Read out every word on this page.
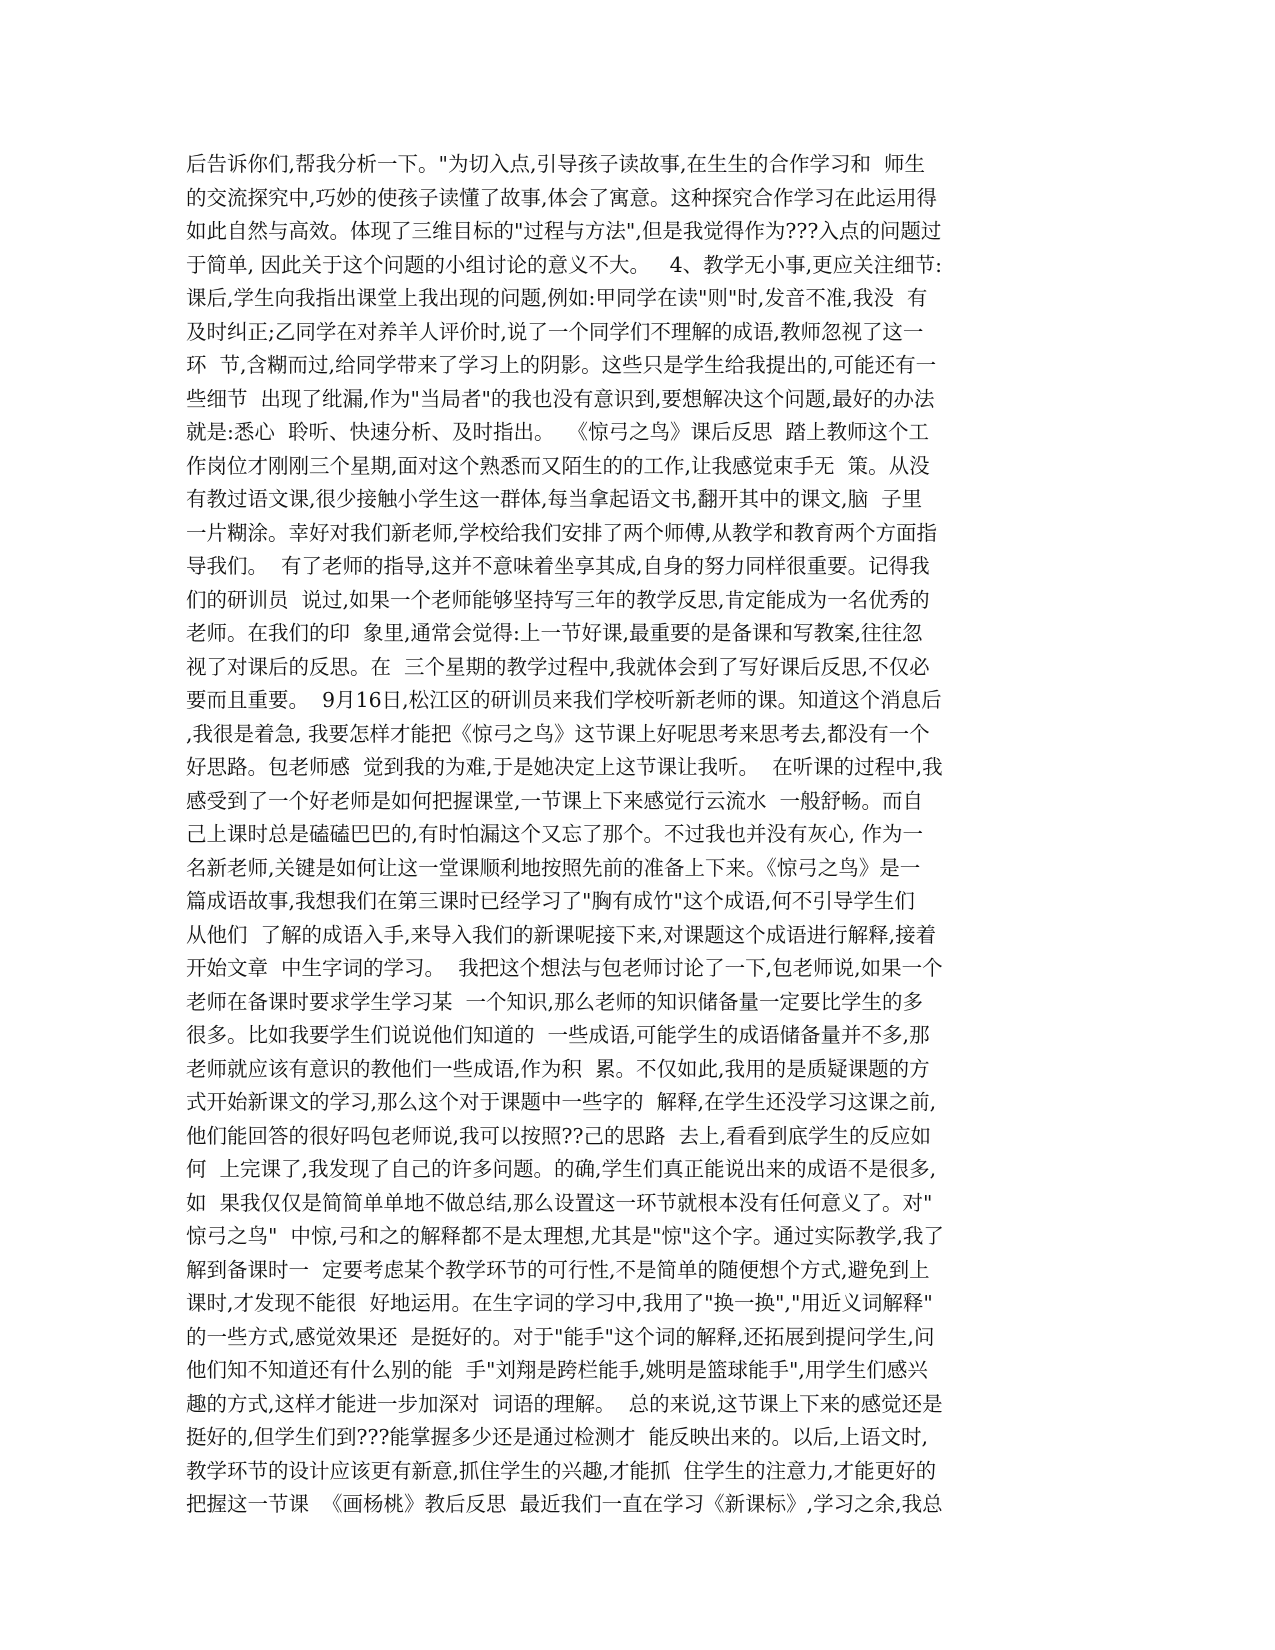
后告诉你们,帮我分析一下。"为切入点,引导孩子读故事,在生生的合作学习和  师生
的交流探究中,巧妙的使孩子读懂了故事,体会了寓意。这种探究合作学习在此运用得
如此自然与高效。体现了三维目标的"过程与方法",但是我觉得作为???入点的问题过
于简单, 因此关于这个问题的小组讨论的意义不大。   4、教学无小事,更应关注细节:
课后,学生向我指出课堂上我出现的问题,例如:甲同学在读"则"时,发音不准,我没  有
及时纠正;乙同学在对养羊人评价时,说了一个同学们不理解的成语,教师忽视了这一
环  节,含糊而过,给同学带来了学习上的阴影。这些只是学生给我提出的,可能还有一
些细节  出现了纰漏,作为"当局者"的我也没有意识到,要想解决这个问题,最好的办法
就是:悉心  聆听、快速分析、及时指出。  《惊弓之鸟》课后反思  踏上教师这个工
作岗位才刚刚三个星期,面对这个熟悉而又陌生的的工作,让我感觉束手无  策。从没
有教过语文课,很少接触小学生这一群体,每当拿起语文书,翻开其中的课文,脑  子里
一片糊涂。幸好对我们新老师,学校给我们安排了两个师傅,从教学和教育两个方面指
导我们。  有了老师的指导,这并不意味着坐享其成,自身的努力同样很重要。记得我
们的研训员  说过,如果一个老师能够坚持写三年的教学反思,肯定能成为一名优秀的
老师。在我们的印  象里,通常会觉得:上一节好课,最重要的是备课和写教案,往往忽
视了对课后的反思。在  三个星期的教学过程中,我就体会到了写好课后反思,不仅必
要而且重要。  9月16日,松江区的研训员来我们学校听新老师的课。知道这个消息后
,我很是着急, 我要怎样才能把《惊弓之鸟》这节课上好呢思考来思考去,都没有一个
好思路。包老师感  觉到我的为难,于是她决定上这节课让我听。  在听课的过程中,我
感受到了一个好老师是如何把握课堂,一节课上下来感觉行云流水  一般舒畅。而自
己上课时总是磕磕巴巴的,有时怕漏这个又忘了那个。不过我也并没有灰心, 作为一
名新老师,关键是如何让这一堂课顺利地按照先前的准备上下来。《惊弓之鸟》是一
篇成语故事,我想我们在第三课时已经学习了"胸有成竹"这个成语,何不引导学生们
从他们  了解的成语入手,来导入我们的新课呢接下来,对课题这个成语进行解释,接着
开始文章  中生字词的学习。  我把这个想法与包老师讨论了一下,包老师说,如果一个
老师在备课时要求学生学习某  一个知识,那么老师的知识储备量一定要比学生的多
很多。比如我要学生们说说他们知道的  一些成语,可能学生的成语储备量并不多,那
老师就应该有意识的教他们一些成语,作为积  累。不仅如此,我用的是质疑课题的方
式开始新课文的学习,那么这个对于课题中一些字的  解释,在学生还没学习这课之前,
他们能回答的很好吗包老师说,我可以按照??己的思路  去上,看看到底学生的反应如
何  上完课了,我发现了自己的许多问题。的确,学生们真正能说出来的成语不是很多,
如  果我仅仅是简简单单地不做总结,那么设置这一环节就根本没有任何意义了。对"
惊弓之鸟"  中惊,弓和之的解释都不是太理想,尤其是"惊"这个字。通过实际教学,我了
解到备课时一  定要考虑某个教学环节的可行性,不是简单的随便想个方式,避免到上
课时,才发现不能很  好地运用。在生字词的学习中,我用了"换一换","用近义词解释"
的一些方式,感觉效果还  是挺好的。对于"能手"这个词的解释,还拓展到提问学生,问
他们知不知道还有什么别的能  手"刘翔是跨栏能手,姚明是篮球能手",用学生们感兴
趣的方式,这样才能进一步加深对  词语的理解。  总的来说,这节课上下来的感觉还是
挺好的,但学生们到???能掌握多少还是通过检测才  能反映出来的。以后,上语文时,
教学环节的设计应该更有新意,抓住学生的兴趣,才能抓  住学生的注意力,才能更好的
把握这一节课  《画杨桃》教后反思  最近我们一直在学习《新课标》,学习之余,我总
